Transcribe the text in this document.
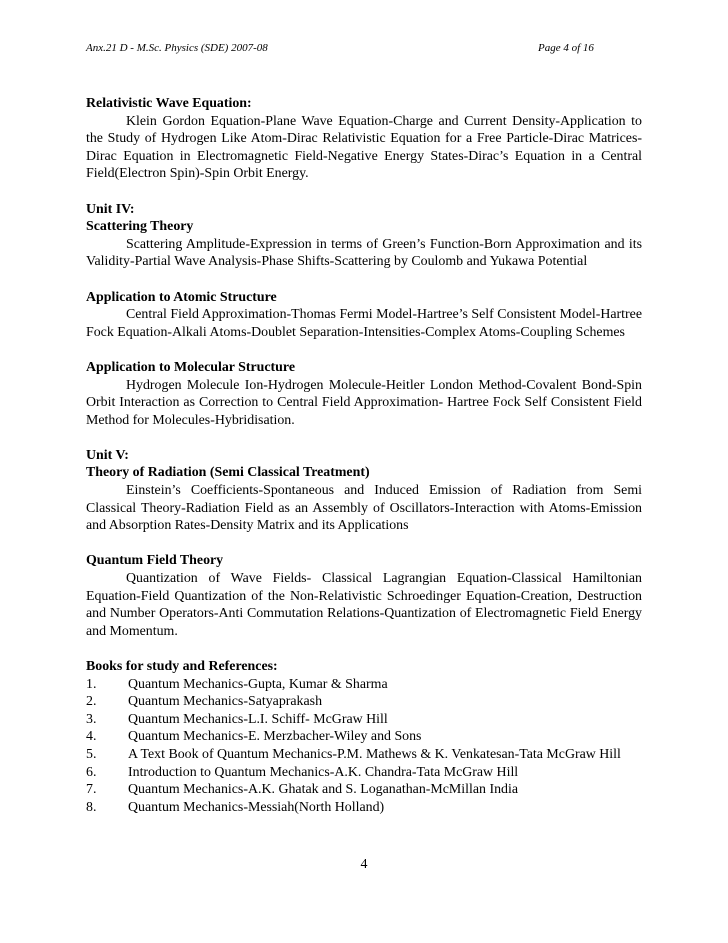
Anx.21 D - M.Sc. Physics (SDE) 2007-08	Page 4 of 16
Relativistic Wave Equation:
Klein Gordon Equation-Plane Wave Equation-Charge and Current Density-Application to the Study of Hydrogen Like Atom-Dirac Relativistic Equation for a Free Particle-Dirac Matrices-Dirac Equation in Electromagnetic Field-Negative Energy States-Dirac’s Equation in a Central Field(Electron Spin)-Spin Orbit Energy.
Unit IV:
Scattering Theory
Scattering Amplitude-Expression in terms of Green’s Function-Born Approximation and its Validity-Partial Wave Analysis-Phase Shifts-Scattering by Coulomb and Yukawa Potential
Application to Atomic Structure
Central Field Approximation-Thomas Fermi Model-Hartree’s Self Consistent Model-Hartree Fock Equation-Alkali Atoms-Doublet Separation-Intensities-Complex Atoms-Coupling Schemes
Application to Molecular Structure
Hydrogen Molecule Ion-Hydrogen Molecule-Heitler London Method-Covalent Bond-Spin Orbit Interaction as Correction to Central Field Approximation- Hartree Fock Self Consistent Field Method for Molecules-Hybridisation.
Unit V:
Theory of Radiation (Semi Classical Treatment)
Einstein’s Coefficients-Spontaneous and Induced Emission of Radiation from Semi Classical Theory-Radiation Field as an Assembly of Oscillators-Interaction with Atoms-Emission and Absorption Rates-Density Matrix and its Applications
Quantum Field Theory
Quantization of Wave Fields- Classical Lagrangian Equation-Classical Hamiltonian Equation-Field Quantization of the Non-Relativistic Schroedinger Equation-Creation, Destruction and Number Operators-Anti Commutation Relations-Quantization of Electromagnetic Field Energy and Momentum.
Books for study and References:
1.	Quantum Mechanics-Gupta, Kumar & Sharma
2.	Quantum Mechanics-Satyaprakash
3.	Quantum Mechanics-L.I. Schiff- McGraw Hill
4.	Quantum Mechanics-E. Merzbacher-Wiley and Sons
5.	A Text Book of Quantum Mechanics-P.M. Mathews & K. Venkatesan-Tata McGraw Hill
6.	Introduction to Quantum Mechanics-A.K. Chandra-Tata McGraw Hill
7.	Quantum Mechanics-A.K. Ghatak and S. Loganathan-McMillan India
8.	Quantum Mechanics-Messiah(North Holland)
4
